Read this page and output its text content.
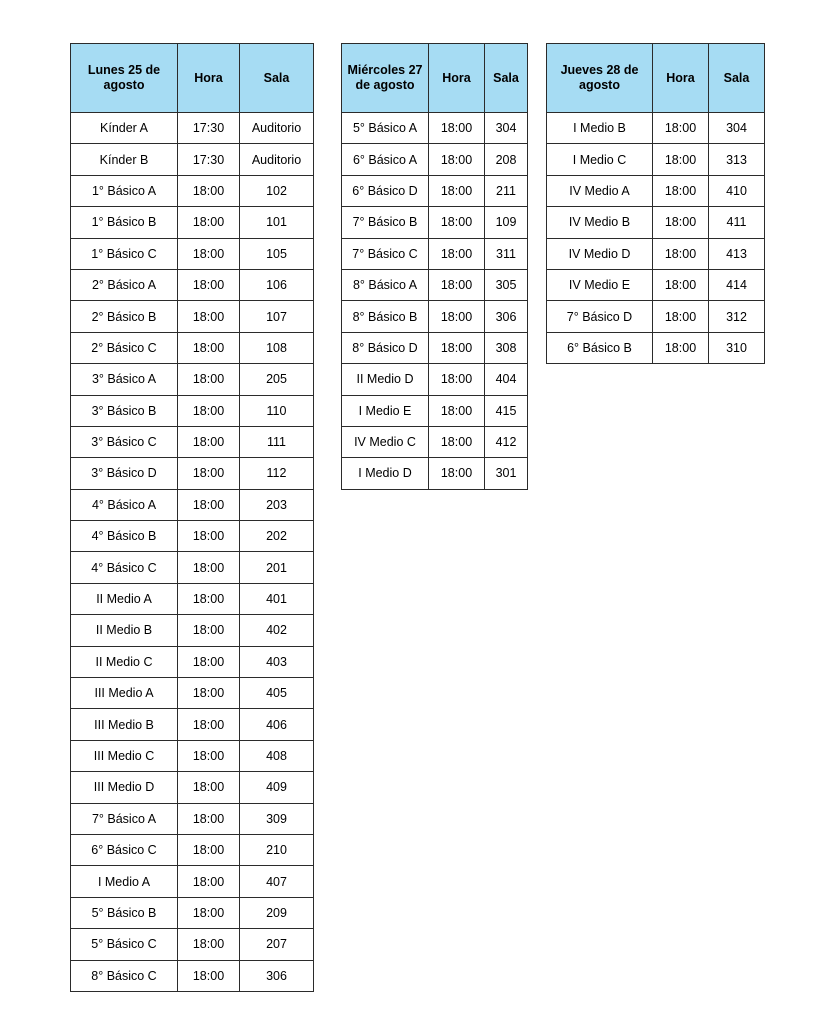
Lunes 25 de agosto	Hora	Sala
Kínder A	17:30	Auditorio
Kínder B	17:30	Auditorio
1° Básico A	18:00	102
1° Básico B	18:00	101
1° Básico C	18:00	105
2° Básico A	18:00	106
2° Básico B	18:00	107
2° Básico C	18:00	108
3° Básico A	18:00	205
3° Básico B	18:00	110
3° Básico C	18:00	111
3° Básico D	18:00	112
4° Básico A	18:00	203
4° Básico B	18:00	202
4° Básico C	18:00	201
II Medio A	18:00	401
II Medio B	18:00	402
II Medio C	18:00	403
III Medio A	18:00	405
III Medio B	18:00	406
III Medio C	18:00	408
III Medio D	18:00	409
7° Básico A	18:00	309
6° Básico C	18:00	210
I Medio A	18:00	407
5° Básico B	18:00	209
5° Básico C	18:00	207
8° Básico C	18:00	306
Miércoles 27 de agosto	Hora	Sala
5° Básico A	18:00	304
6° Básico A	18:00	208
6° Básico D	18:00	211
7° Básico B	18:00	109
7° Básico C	18:00	311
8° Básico A	18:00	305
8° Básico B	18:00	306
8° Básico D	18:00	308
II Medio D	18:00	404
I Medio E	18:00	415
IV Medio C	18:00	412
I Medio D	18:00	301
Jueves 28 de agosto	Hora	Sala
I Medio B	18:00	304
I Medio C	18:00	313
IV Medio A	18:00	410
IV Medio B	18:00	411
IV Medio D	18:00	413
IV Medio E	18:00	414
7° Básico D	18:00	312
6° Básico B	18:00	310
